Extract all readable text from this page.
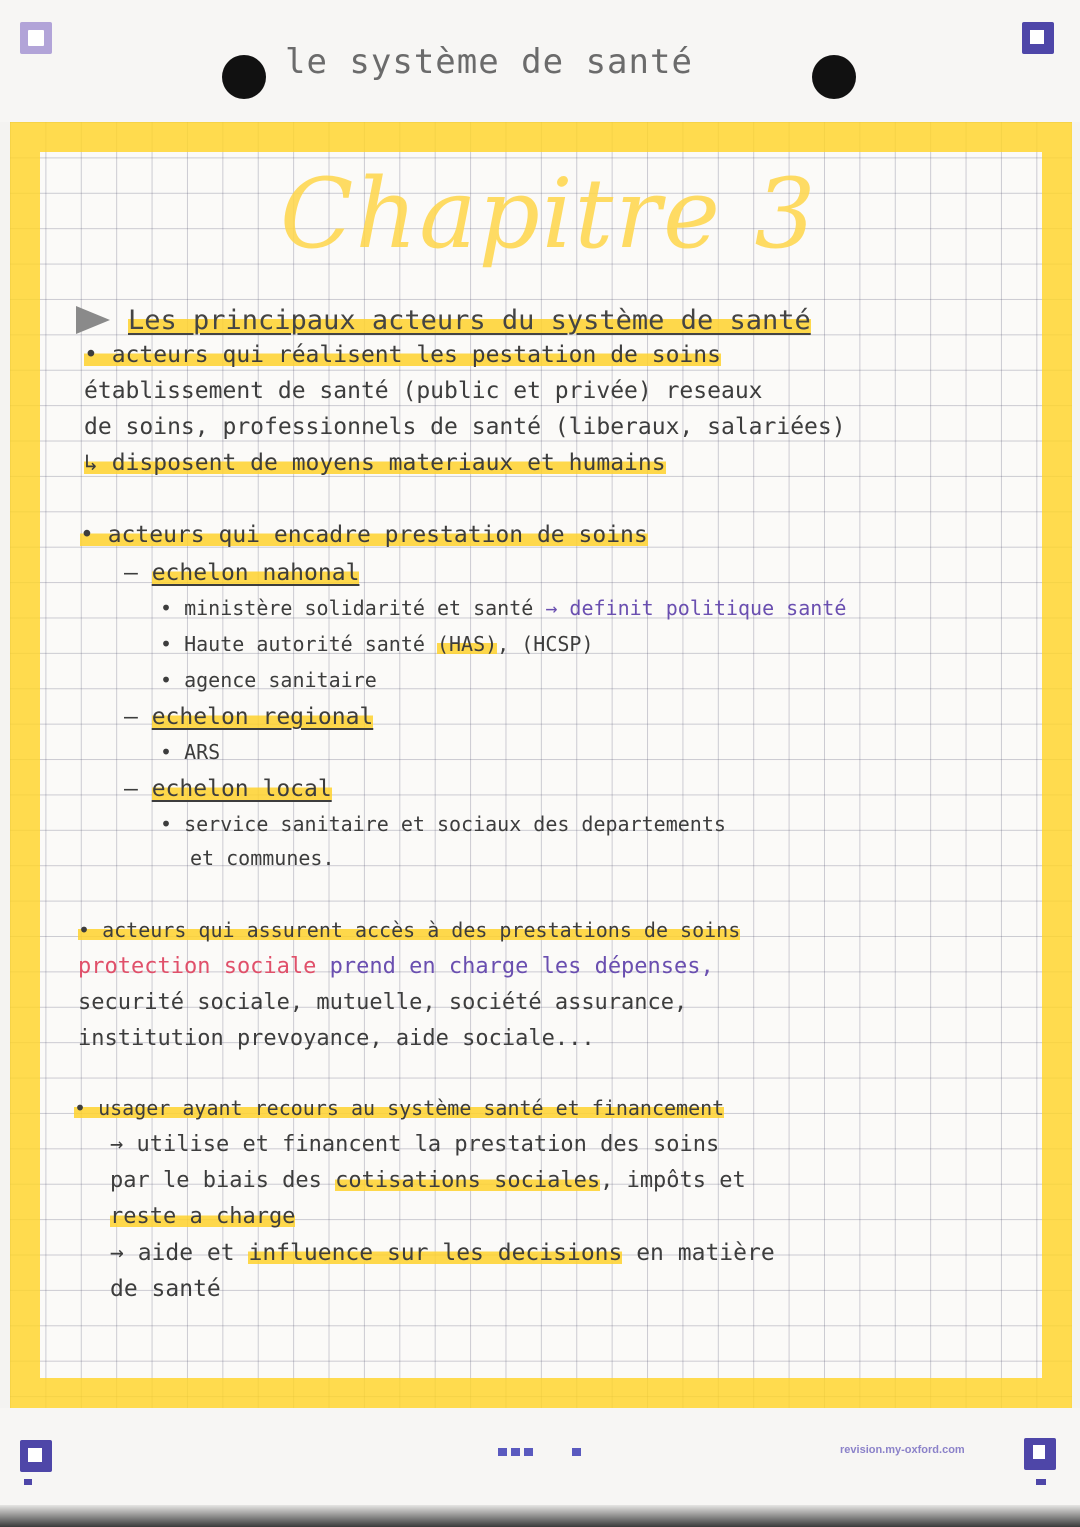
le système de santé
Chapitre 3
Les principaux acteurs du système de santé
• acteurs qui réalisent les pestation de soins
établissement de santé (public et privée) reseaux
de soins, professionnels de santé (liberaux, salariées)
↳ disposent de moyens materiaux et humains
• acteurs qui encadre prestation de soins
– echelon nahonal
• ministère solidarité et santé → definit politique santé
• Haute autorité santé (HAS), (HCSP)
• agence sanitaire
– echelon regional
• ARS
– echelon local
• service sanitaire et sociaux des departements
et communes.
• acteurs qui assurent accès à des prestations de soins
protection sociale prend en charge les dépenses,
securité sociale, mutuelle, société assurance,
institution prevoyance, aide sociale...
• usager ayant recours au système santé et financement
→ utilise et financent la prestation des soins
par le biais des cotisations sociales, impôts et
reste a charge
→ aide et influence sur les decisions en matière
de santé
revision.my-oxford.com
